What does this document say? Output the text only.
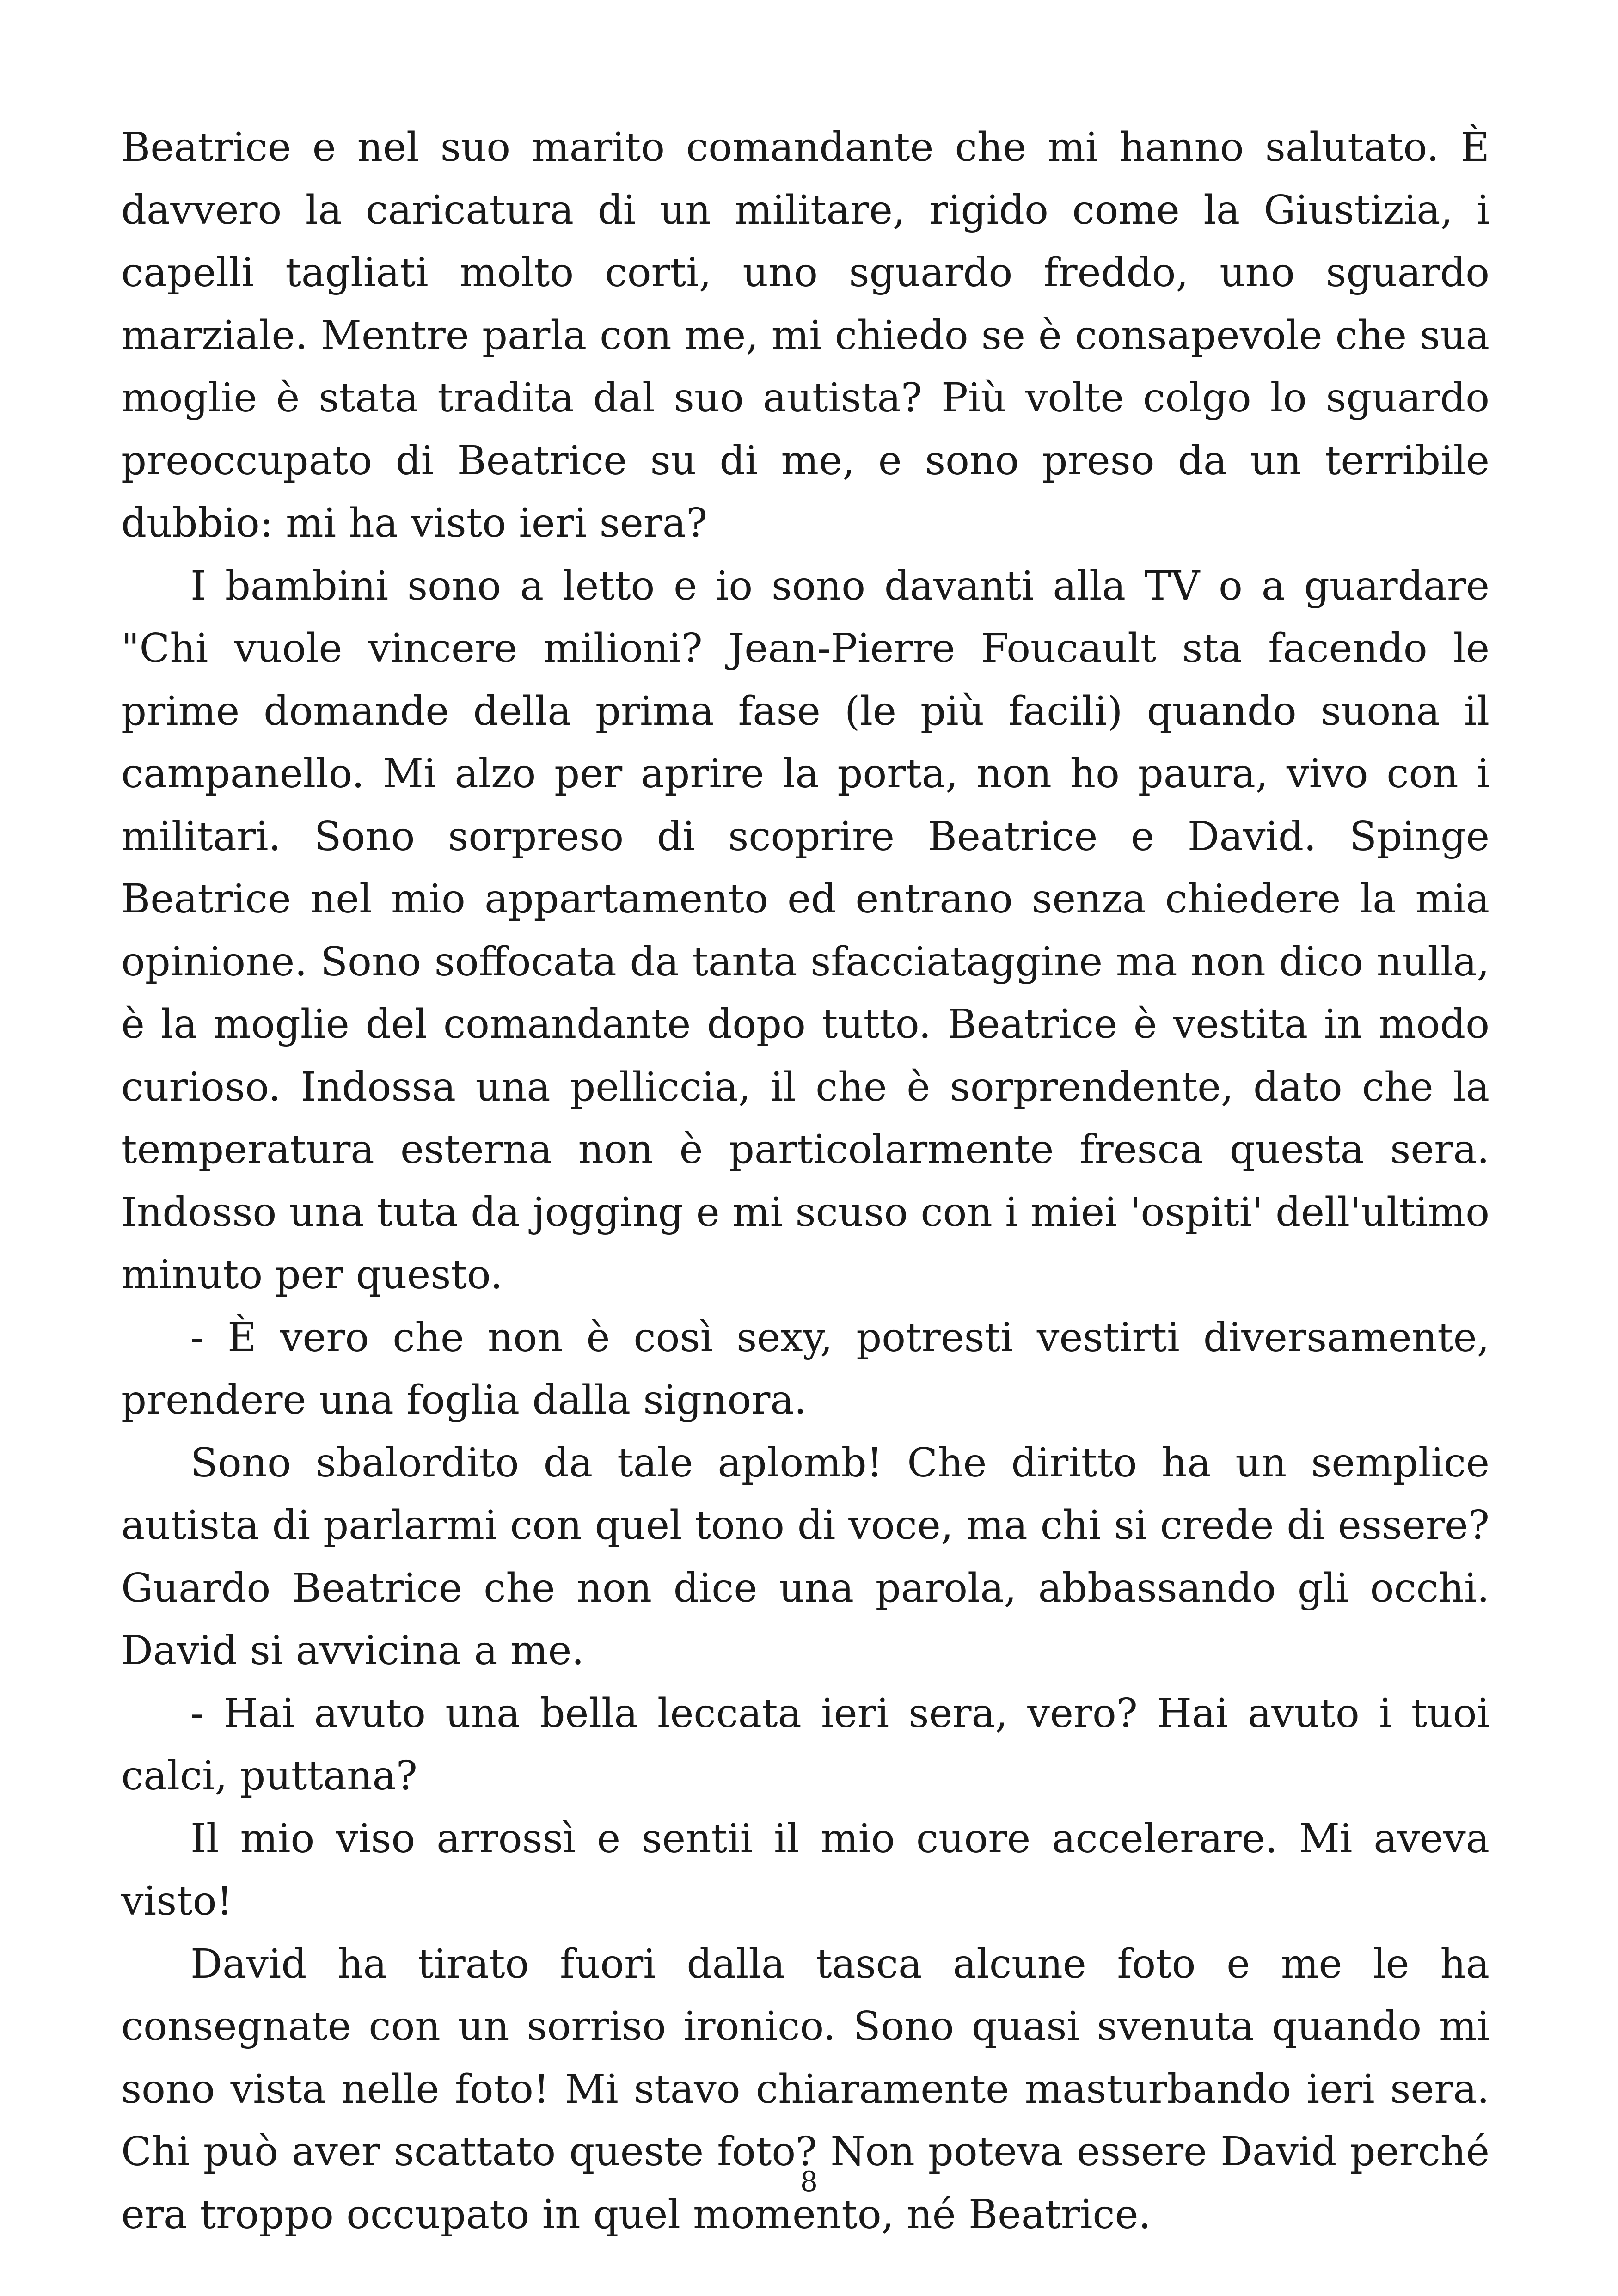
Beatrice e nel suo marito comandante che mi hanno salutato. È davvero la caricatura di un militare, rigido come la Giustizia, i capelli tagliati molto corti, uno sguardo freddo, uno sguardo marziale. Mentre parla con me, mi chiedo se è consapevole che sua moglie è stata tradita dal suo autista? Più volte colgo lo sguardo preoccupato di Beatrice su di me, e sono preso da un terribile dubbio: mi ha visto ieri sera?

I bambini sono a letto e io sono davanti alla TV o a guardare "Chi vuole vincere milioni? Jean-Pierre Foucault sta facendo le prime domande della prima fase (le più facili) quando suona il campanello. Mi alzo per aprire la porta, non ho paura, vivo con i militari. Sono sorpreso di scoprire Beatrice e David. Spinge Beatrice nel mio appartamento ed entrano senza chiedere la mia opinione. Sono soffocata da tanta sfacciataggine ma non dico nulla, è la moglie del comandante dopo tutto. Beatrice è vestita in modo curioso. Indossa una pelliccia, il che è sorprendente, dato che la temperatura esterna non è particolarmente fresca questa sera. Indosso una tuta da jogging e mi scuso con i miei 'ospiti' dell'ultimo minuto per questo.

- È vero che non è così sexy, potresti vestirti diversamente, prendere una foglia dalla signora.

Sono sbalordito da tale aplomb! Che diritto ha un semplice autista di parlarmi con quel tono di voce, ma chi si crede di essere? Guardo Beatrice che non dice una parola, abbassando gli occhi. David si avvicina a me.

- Hai avuto una bella leccata ieri sera, vero? Hai avuto i tuoi calci, puttana?

Il mio viso arrossì e sentii il mio cuore accelerare. Mi aveva visto!

David ha tirato fuori dalla tasca alcune foto e me le ha consegnate con un sorriso ironico. Sono quasi svenuta quando mi sono vista nelle foto! Mi stavo chiaramente masturbando ieri sera. Chi può aver scattato queste foto? Non poteva essere David perché era troppo occupato in quel momento, né Beatrice.

8
